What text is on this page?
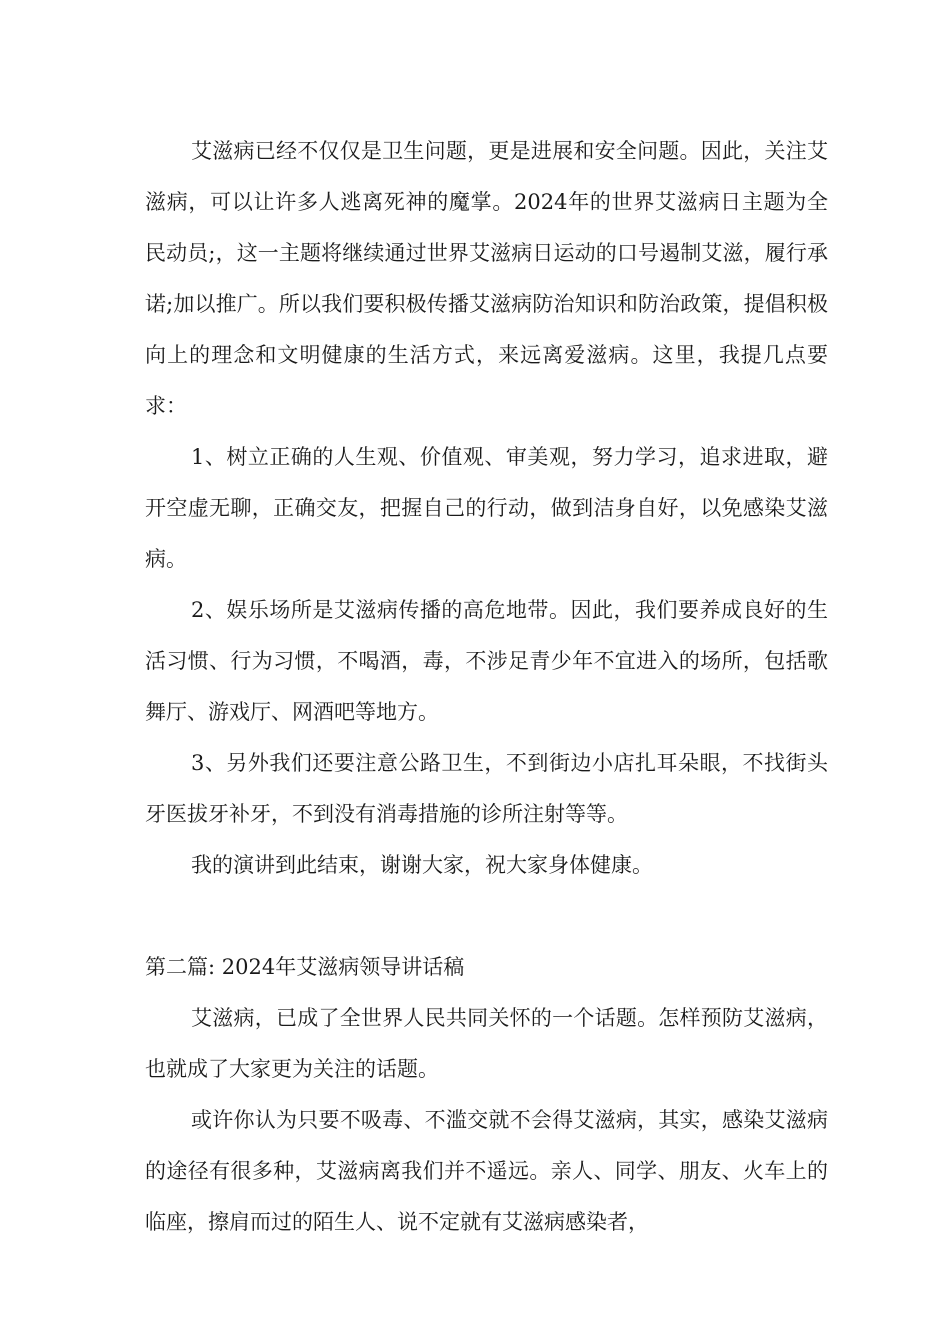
艾滋病已经不仅仅是卫生问题，更是进展和安全问题。因此，关注艾滋病，可以让许多人逃离死神的魔掌。2024年的世界艾滋病日主题为全民动员;，这一主题将继续通过世界艾滋病日运动的口号遏制艾滋，履行承诺;加以推广。所以我们要积极传播艾滋病防治知识和防治政策，提倡积极向上的理念和文明健康的生活方式，来远离爱滋病。这里，我提几点要求：

1、树立正确的人生观、价值观、审美观，努力学习，追求进取，避开空虚无聊，正确交友，把握自己的行动，做到洁身自好，以免感染艾滋病。

2、娱乐场所是艾滋病传播的高危地带。因此，我们要养成良好的生活习惯、行为习惯，不喝酒，毒，不涉足青少年不宜进入的场所，包括歌舞厅、游戏厅、网酒吧等地方。

3、另外我们还要注意公路卫生，不到街边小店扎耳朵眼，不找街头牙医拔牙补牙，不到没有消毒措施的诊所注射等等。

我的演讲到此结束，谢谢大家，祝大家身体健康。

第二篇: 2024年艾滋病领导讲话稿

艾滋病，已成了全世界人民共同关怀的一个话题。怎样预防艾滋病，也就成了大家更为关注的话题。

或许你认为只要不吸毒、不滥交就不会得艾滋病，其实，感染艾滋病的途径有很多种，艾滋病离我们并不遥远。亲人、同学、朋友、火车上的临座，擦肩而过的陌生人、说不定就有艾滋病感染者，
